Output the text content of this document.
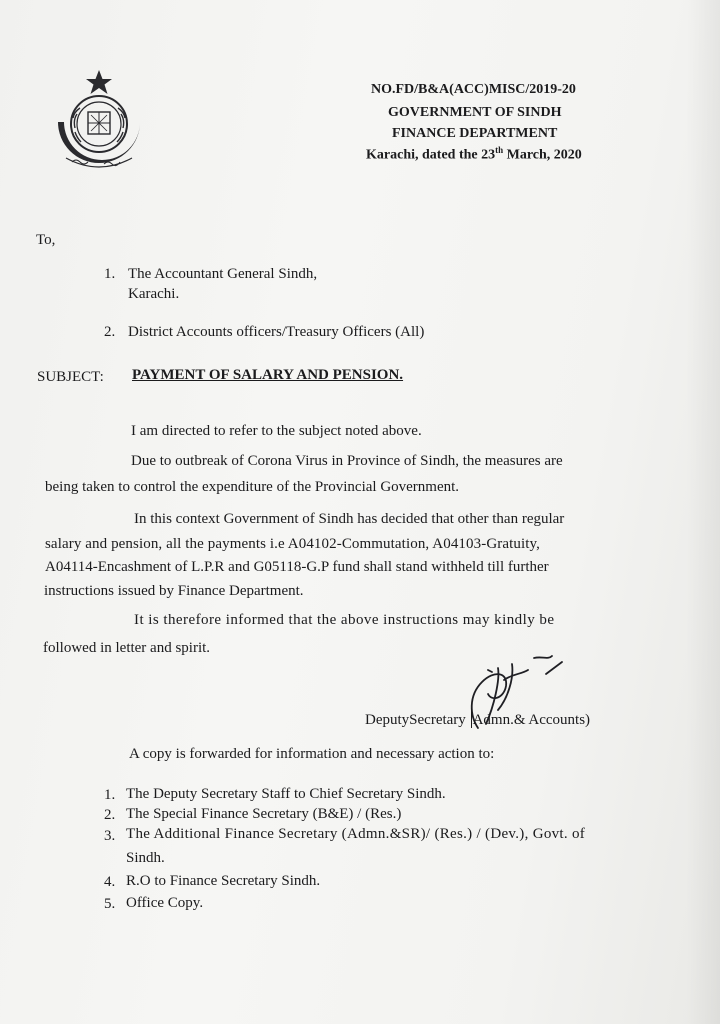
NO.FD/B&A(ACC)MISC/2019-20
GOVERNMENT OF SINDH
FINANCE DEPARTMENT
Karachi, dated the 23th March, 2020
To,
1. The Accountant General Sindh,
Karachi.
2. District Accounts officers/Treasury Officers (All)
SUBJECT: PAYMENT OF SALARY AND PENSION.
I am directed to refer to the subject noted above.
Due to outbreak of Corona Virus in Province of Sindh, the measures are
being taken to control the expenditure of the Provincial Government.
In this context Government of Sindh has decided that other than regular
salary and pension, all the payments i.e A04102-Commutation, A04103-Gratuity,
A04114-Encashment of L.P.R and G05118-G.P fund shall stand withheld till further
instructions issued by Finance Department.
It is therefore informed that the above instructions may kindly be
followed in letter and spirit.
DeputySecretary Admn.& Accounts)
A copy is forwarded for information and necessary action to:
1. The Deputy Secretary Staff to Chief Secretary Sindh.
2. The Special Finance Secretary (B&E) / (Res.)
3. The Additional Finance Secretary (Admn.&SR)/ (Res.) / (Dev.), Govt. of
Sindh.
4. R.O to Finance Secretary Sindh.
5. Office Copy.
